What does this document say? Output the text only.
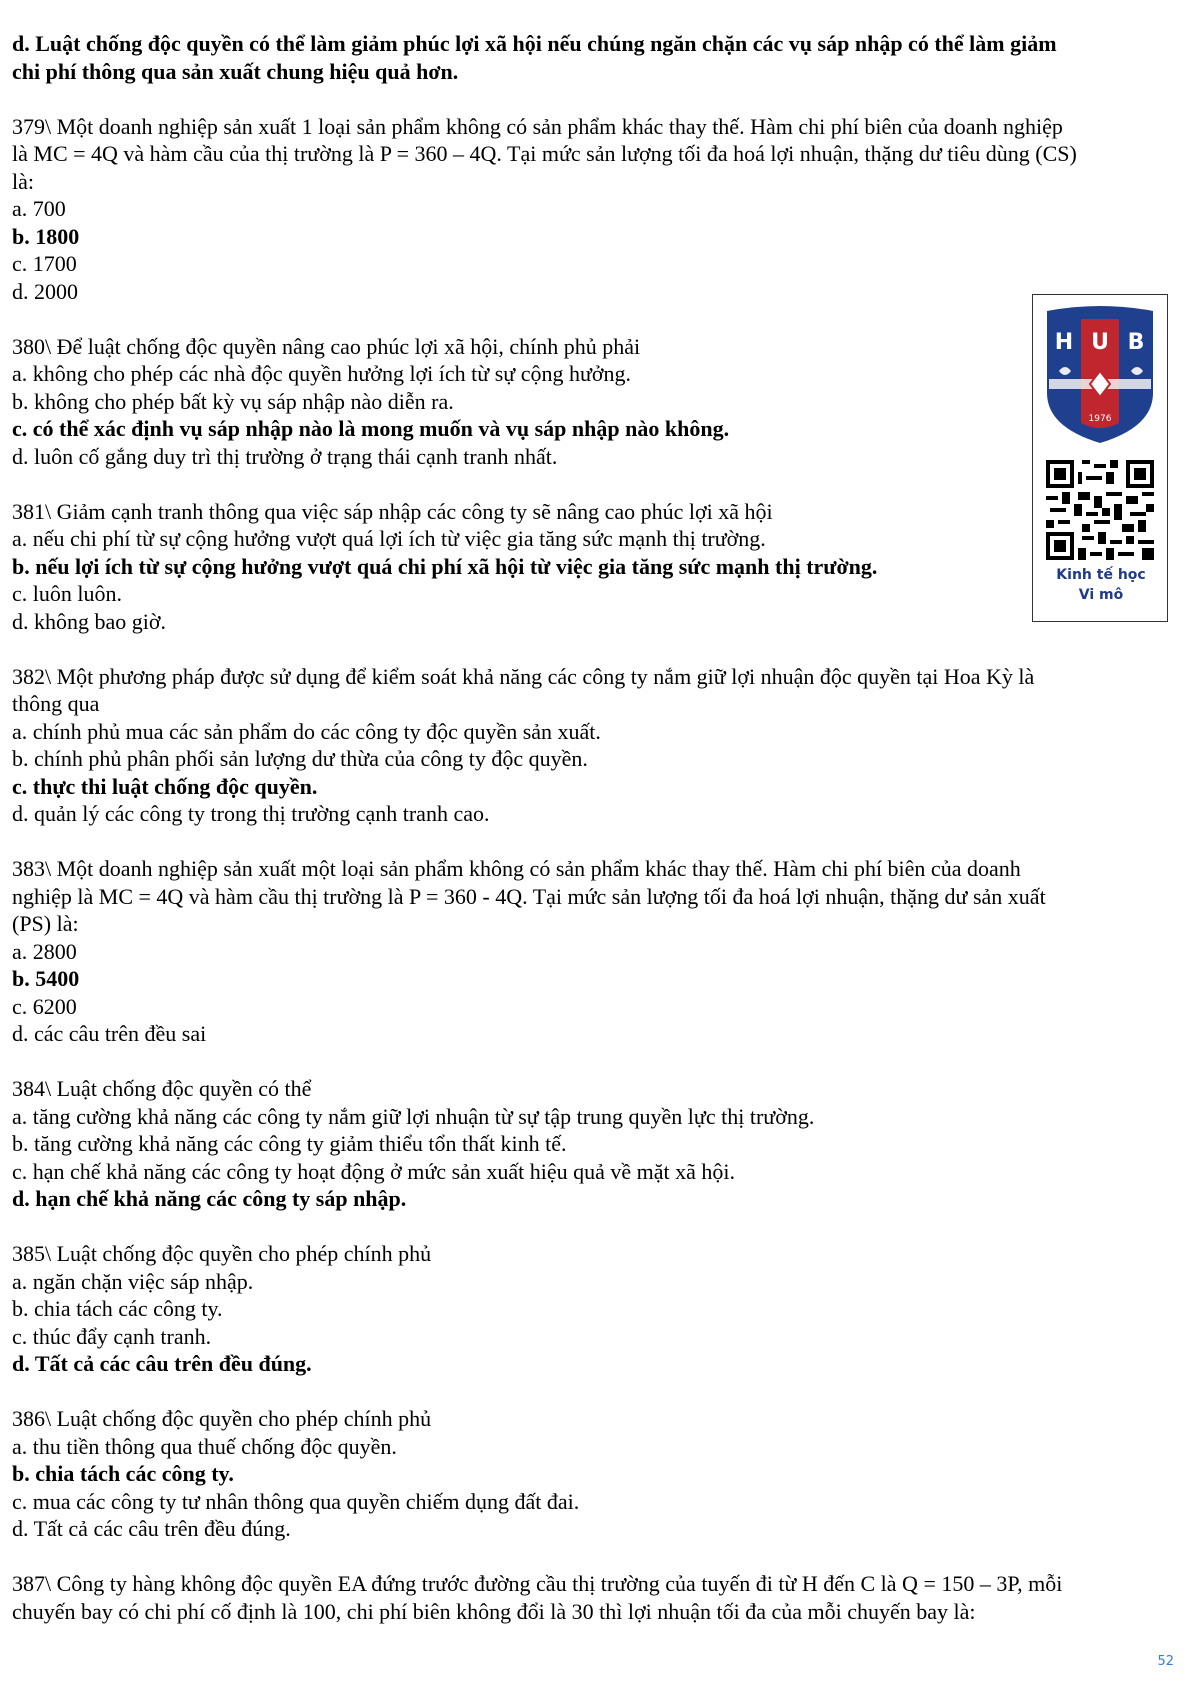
d. Luật chống độc quyền có thể làm giảm phúc lợi xã hội nếu chúng ngăn chặn các vụ sáp nhập có thể làm giảm
chi phí thông qua sản xuất chung hiệu quả hơn.
379\ Một doanh nghiệp sản xuất 1 loại sản phẩm không có sản phẩm khác thay thế. Hàm chi phí biên của doanh nghiệp
là MC = 4Q và hàm cầu của thị trường là P = 360 – 4Q. Tại mức sản lượng tối đa hoá lợi nhuận, thặng dư tiêu dùng (CS)
là:
a. 700
b. 1800
c. 1700
d. 2000
380\ Để luật chống độc quyền nâng cao phúc lợi xã hội, chính phủ phải
a. không cho phép các nhà độc quyền hưởng lợi ích từ sự cộng hưởng.
b. không cho phép bất kỳ vụ sáp nhập nào diễn ra.
c. có thể xác định vụ sáp nhập nào là mong muốn và vụ sáp nhập nào không.
d. luôn cố gắng duy trì thị trường ở trạng thái cạnh tranh nhất.
381\ Giảm cạnh tranh thông qua việc sáp nhập các công ty sẽ nâng cao phúc lợi xã hội
a. nếu chi phí từ sự cộng hưởng vượt quá lợi ích từ việc gia tăng sức mạnh thị trường.
b. nếu lợi ích từ sự cộng hưởng vượt quá chi phí xã hội từ việc gia tăng sức mạnh thị trường.
c. luôn luôn.
d. không bao giờ.
382\ Một phương pháp được sử dụng để kiểm soát khả năng các công ty nắm giữ lợi nhuận độc quyền tại Hoa Kỳ là
thông qua
a. chính phủ mua các sản phẩm do các công ty độc quyền sản xuất.
b. chính phủ phân phối sản lượng dư thừa của công ty độc quyền.
c. thực thi luật chống độc quyền.
d. quản lý các công ty trong thị trường cạnh tranh cao.
383\ Một doanh nghiệp sản xuất một loại sản phẩm không có sản phẩm khác thay thế. Hàm chi phí biên của doanh
nghiệp là MC = 4Q và hàm cầu thị trường là P = 360 - 4Q. Tại mức sản lượng tối đa hoá lợi nhuận, thặng dư sản xuất
(PS) là:
a. 2800
b. 5400
c. 6200
d. các câu trên đều sai
384\ Luật chống độc quyền có thể
a. tăng cường khả năng các công ty nắm giữ lợi nhuận từ sự tập trung quyền lực thị trường.
b. tăng cường khả năng các công ty giảm thiểu tổn thất kinh tế.
c. hạn chế khả năng các công ty hoạt động ở mức sản xuất hiệu quả về mặt xã hội.
d. hạn chế khả năng các công ty sáp nhập.
385\ Luật chống độc quyền cho phép chính phủ
a. ngăn chặn việc sáp nhập.
b. chia tách các công ty.
c. thúc đẩy cạnh tranh.
d. Tất cả các câu trên đều đúng.
386\ Luật chống độc quyền cho phép chính phủ
a. thu tiền thông qua thuế chống độc quyền.
b. chia tách các công ty.
c. mua các công ty tư nhân thông qua quyền chiếm dụng đất đai.
d. Tất cả các câu trên đều đúng.
387\ Công ty hàng không độc quyền EA đứng trước đường cầu thị trường của tuyến đi từ H đến C là Q = 150 – 3P, mỗi
chuyến bay có chi phí cố định là 100, chi phí biên không đổi là 30 thì lợi nhuận tối đa của mỗi chuyến bay là:
H U B
1976
Kinh tế học
Vi mô
52
